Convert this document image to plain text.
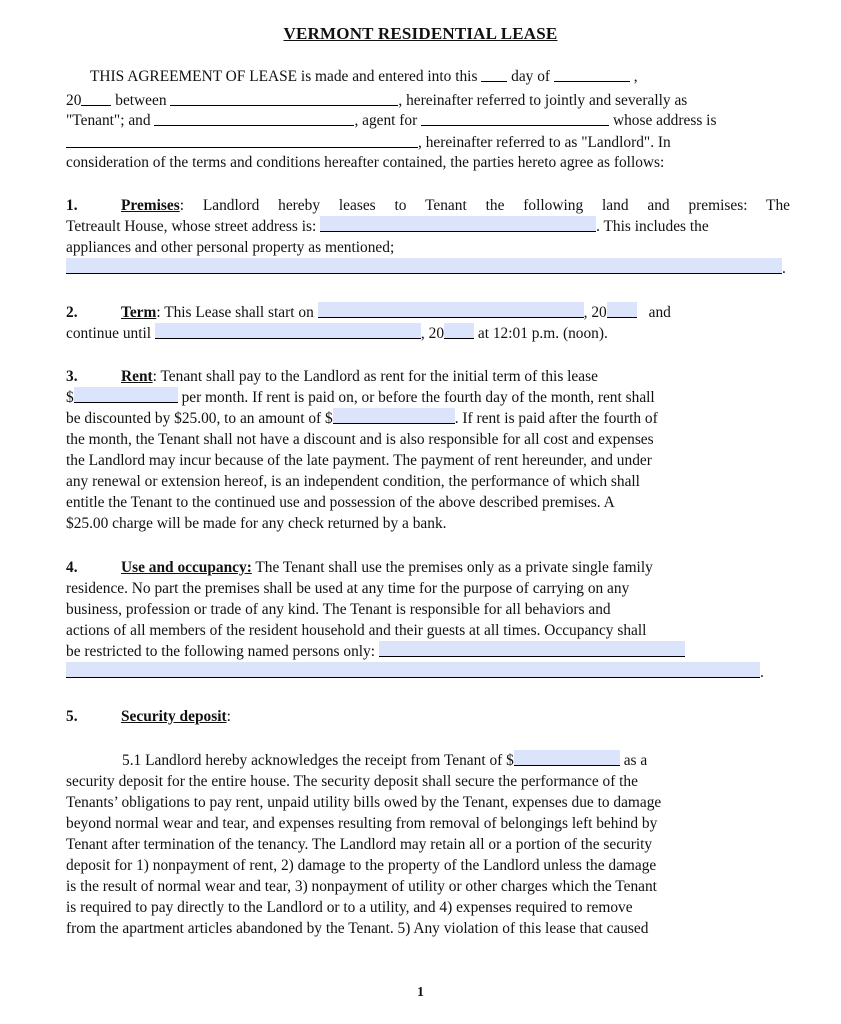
VERMONT RESIDENTIAL LEASE
THIS AGREEMENT OF LEASE is made and entered into this day of	,
20 between	, hereinafter referred to jointly and severally as
"Tenant"; and	, agent for	whose address is
, hereinafter referred to as "Landlord". In
consideration of the terms and conditions hereafter contained, the parties hereto agree as follows:
1.	Premises: Landlord hereby leases to Tenant the following land and premises: The
Tetreault House, whose street address is:	. This includes the
appliances and other personal property as mentioned;
.
2.	Term: This Lease shall start on	, 20	and
continue until	, 20 at 12:01 p.m. (noon).
3.	Rent: Tenant shall pay to the Landlord as rent for the initial term of this lease
$	per month. If rent is paid on, or before the fourth day of the month, rent shall
be discounted by $25.00, to an amount of $	. If rent is paid after the fourth of
the month, the Tenant shall not have a discount and is also responsible for all cost and expenses
the Landlord may incur because of the late payment. The payment of rent hereunder, and under
any renewal or extension hereof, is an independent condition, the performance of which shall
entitle the Tenant to the continued use and possession of the above described premises. A
$25.00 charge will be made for any check returned by a bank.
4.	Use and occupancy: The Tenant shall use the premises only as a private single family
residence. No part the premises shall be used at any time for the purpose of carrying on any
business, profession or trade of any kind. The Tenant is responsible for all behaviors and
actions of all members of the resident household and their guests at all times. Occupancy shall
be restricted to the following named persons only:
.
5.	Security deposit:
5.1 Landlord hereby acknowledges the receipt from Tenant of $	as a
security deposit for the entire house. The security deposit shall secure the performance of the
Tenants’ obligations to pay rent, unpaid utility bills owed by the Tenant, expenses due to damage
beyond normal wear and tear, and expenses resulting from removal of belongings left behind by
Tenant after termination of the tenancy. The Landlord may retain all or a portion of the security
deposit for 1) nonpayment of rent, 2) damage to the property of the Landlord unless the damage
is the result of normal wear and tear, 3) nonpayment of utility or other charges which the Tenant
is required to pay directly to the Landlord or to a utility, and 4) expenses required to remove
from the apartment articles abandoned by the Tenant. 5) Any violation of this lease that caused
1
